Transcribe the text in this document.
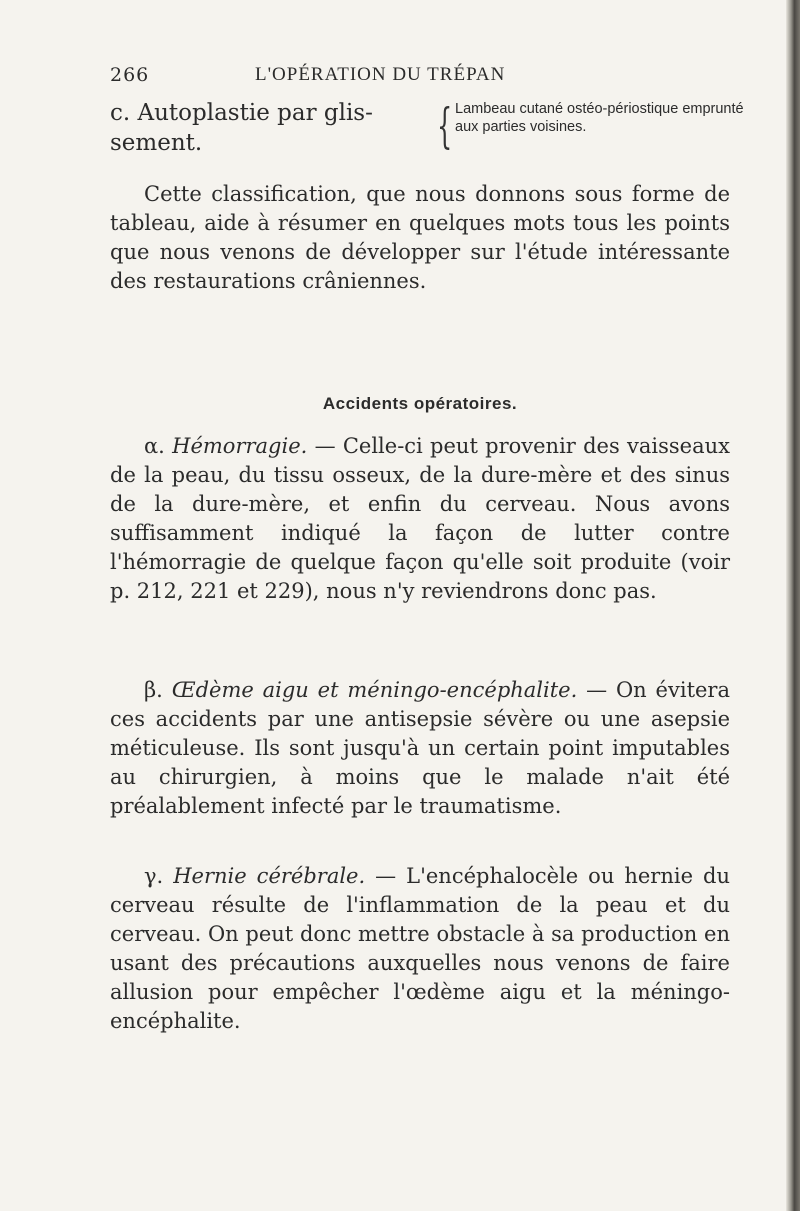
266	L'OPÉRATION DU TRÉPAN
c. Autoplastie par glis-sement.	{ Lambeau cutané ostéo-périostique emprunté aux parties voisines.

Cette classification, que nous donnons sous forme de tableau, aide à résumer en quelques mots tous les points que nous venons de développer sur l'étude intéressante des restaurations crâniennes.

Accidents opératoires.

α. Hémorragie. — Celle-ci peut provenir des vaisseaux de la peau, du tissu osseux, de la dure-mère et des sinus de la dure-mère, et enfin du cerveau. Nous avons suffisamment indiqué la façon de lutter contre l'hémorragie de quelque façon qu'elle soit produite (voir p. 212, 221 et 229), nous n'y reviendrons donc pas.

β. Œdème aigu et méningo-encéphalite. — On évitera ces accidents par une antisepsie sévère ou une asepsie méticuleuse. Ils sont jusqu'à un certain point imputables au chirurgien, à moins que le malade n'ait été préalablement infecté par le traumatisme.

γ. Hernie cérébrale. — L'encéphalocèle ou hernie du cerveau résulte de l'inflammation de la peau et du cerveau. On peut donc mettre obstacle à sa production en usant des précautions auxquelles nous venons de faire allusion pour empêcher l'œdème aigu et la méningo-encéphalite.
